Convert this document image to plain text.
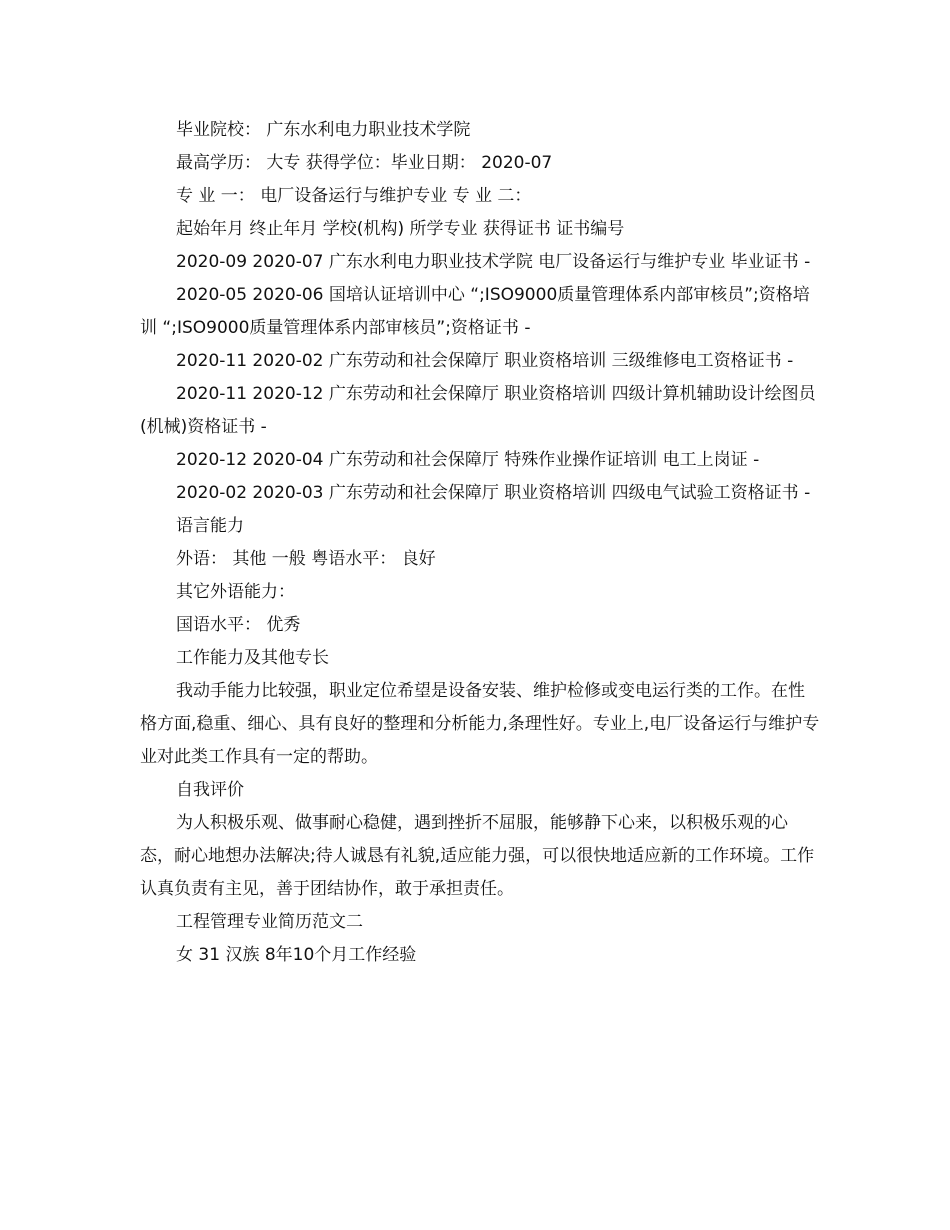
毕业院校： 广东水利电力职业技术学院

最高学历： 大专 获得学位：毕业日期： 2020-07

专 业 一： 电厂设备运行与维护专业 专 业 二：

起始年月 终止年月 学校(机构) 所学专业 获得证书 证书编号

2020-09 2020-07 广东水利电力职业技术学院 电厂设备运行与维护专业 毕业证书 -

2020-05 2020-06 国培认证培训中心 “;ISO9000质量管理体系内部审核员”;资格培训 “;ISO9000质量管理体系内部审核员”;资格证书 -

2020-11 2020-02 广东劳动和社会保障厅 职业资格培训 三级维修电工资格证书 -

2020-11 2020-12 广东劳动和社会保障厅 职业资格培训 四级计算机辅助设计绘图员(机械)资格证书 -

2020-12 2020-04 广东劳动和社会保障厅 特殊作业操作证培训 电工上岗证 -

2020-02 2020-03 广东劳动和社会保障厅 职业资格培训 四级电气试验工资格证书 -

语言能力

外语： 其他 一般 粤语水平： 良好

其它外语能力：

国语水平： 优秀

工作能力及其他专长

我动手能力比较强，职业定位希望是设备安装、维护检修或变电运行类的工作。在性格方面,稳重、细心、具有良好的整理和分析能力,条理性好。专业上,电厂设备运行与维护专业对此类工作具有一定的帮助。

自我评价

为人积极乐观、做事耐心稳健，遇到挫折不屈服，能够静下心来，以积极乐观的心态，耐心地想办法解决;待人诚恳有礼貌,适应能力强，可以很快地适应新的工作环境。工作认真负责有主见，善于团结协作，敢于承担责任。

工程管理专业简历范文二

女 31 汉族 8年10个月工作经验
